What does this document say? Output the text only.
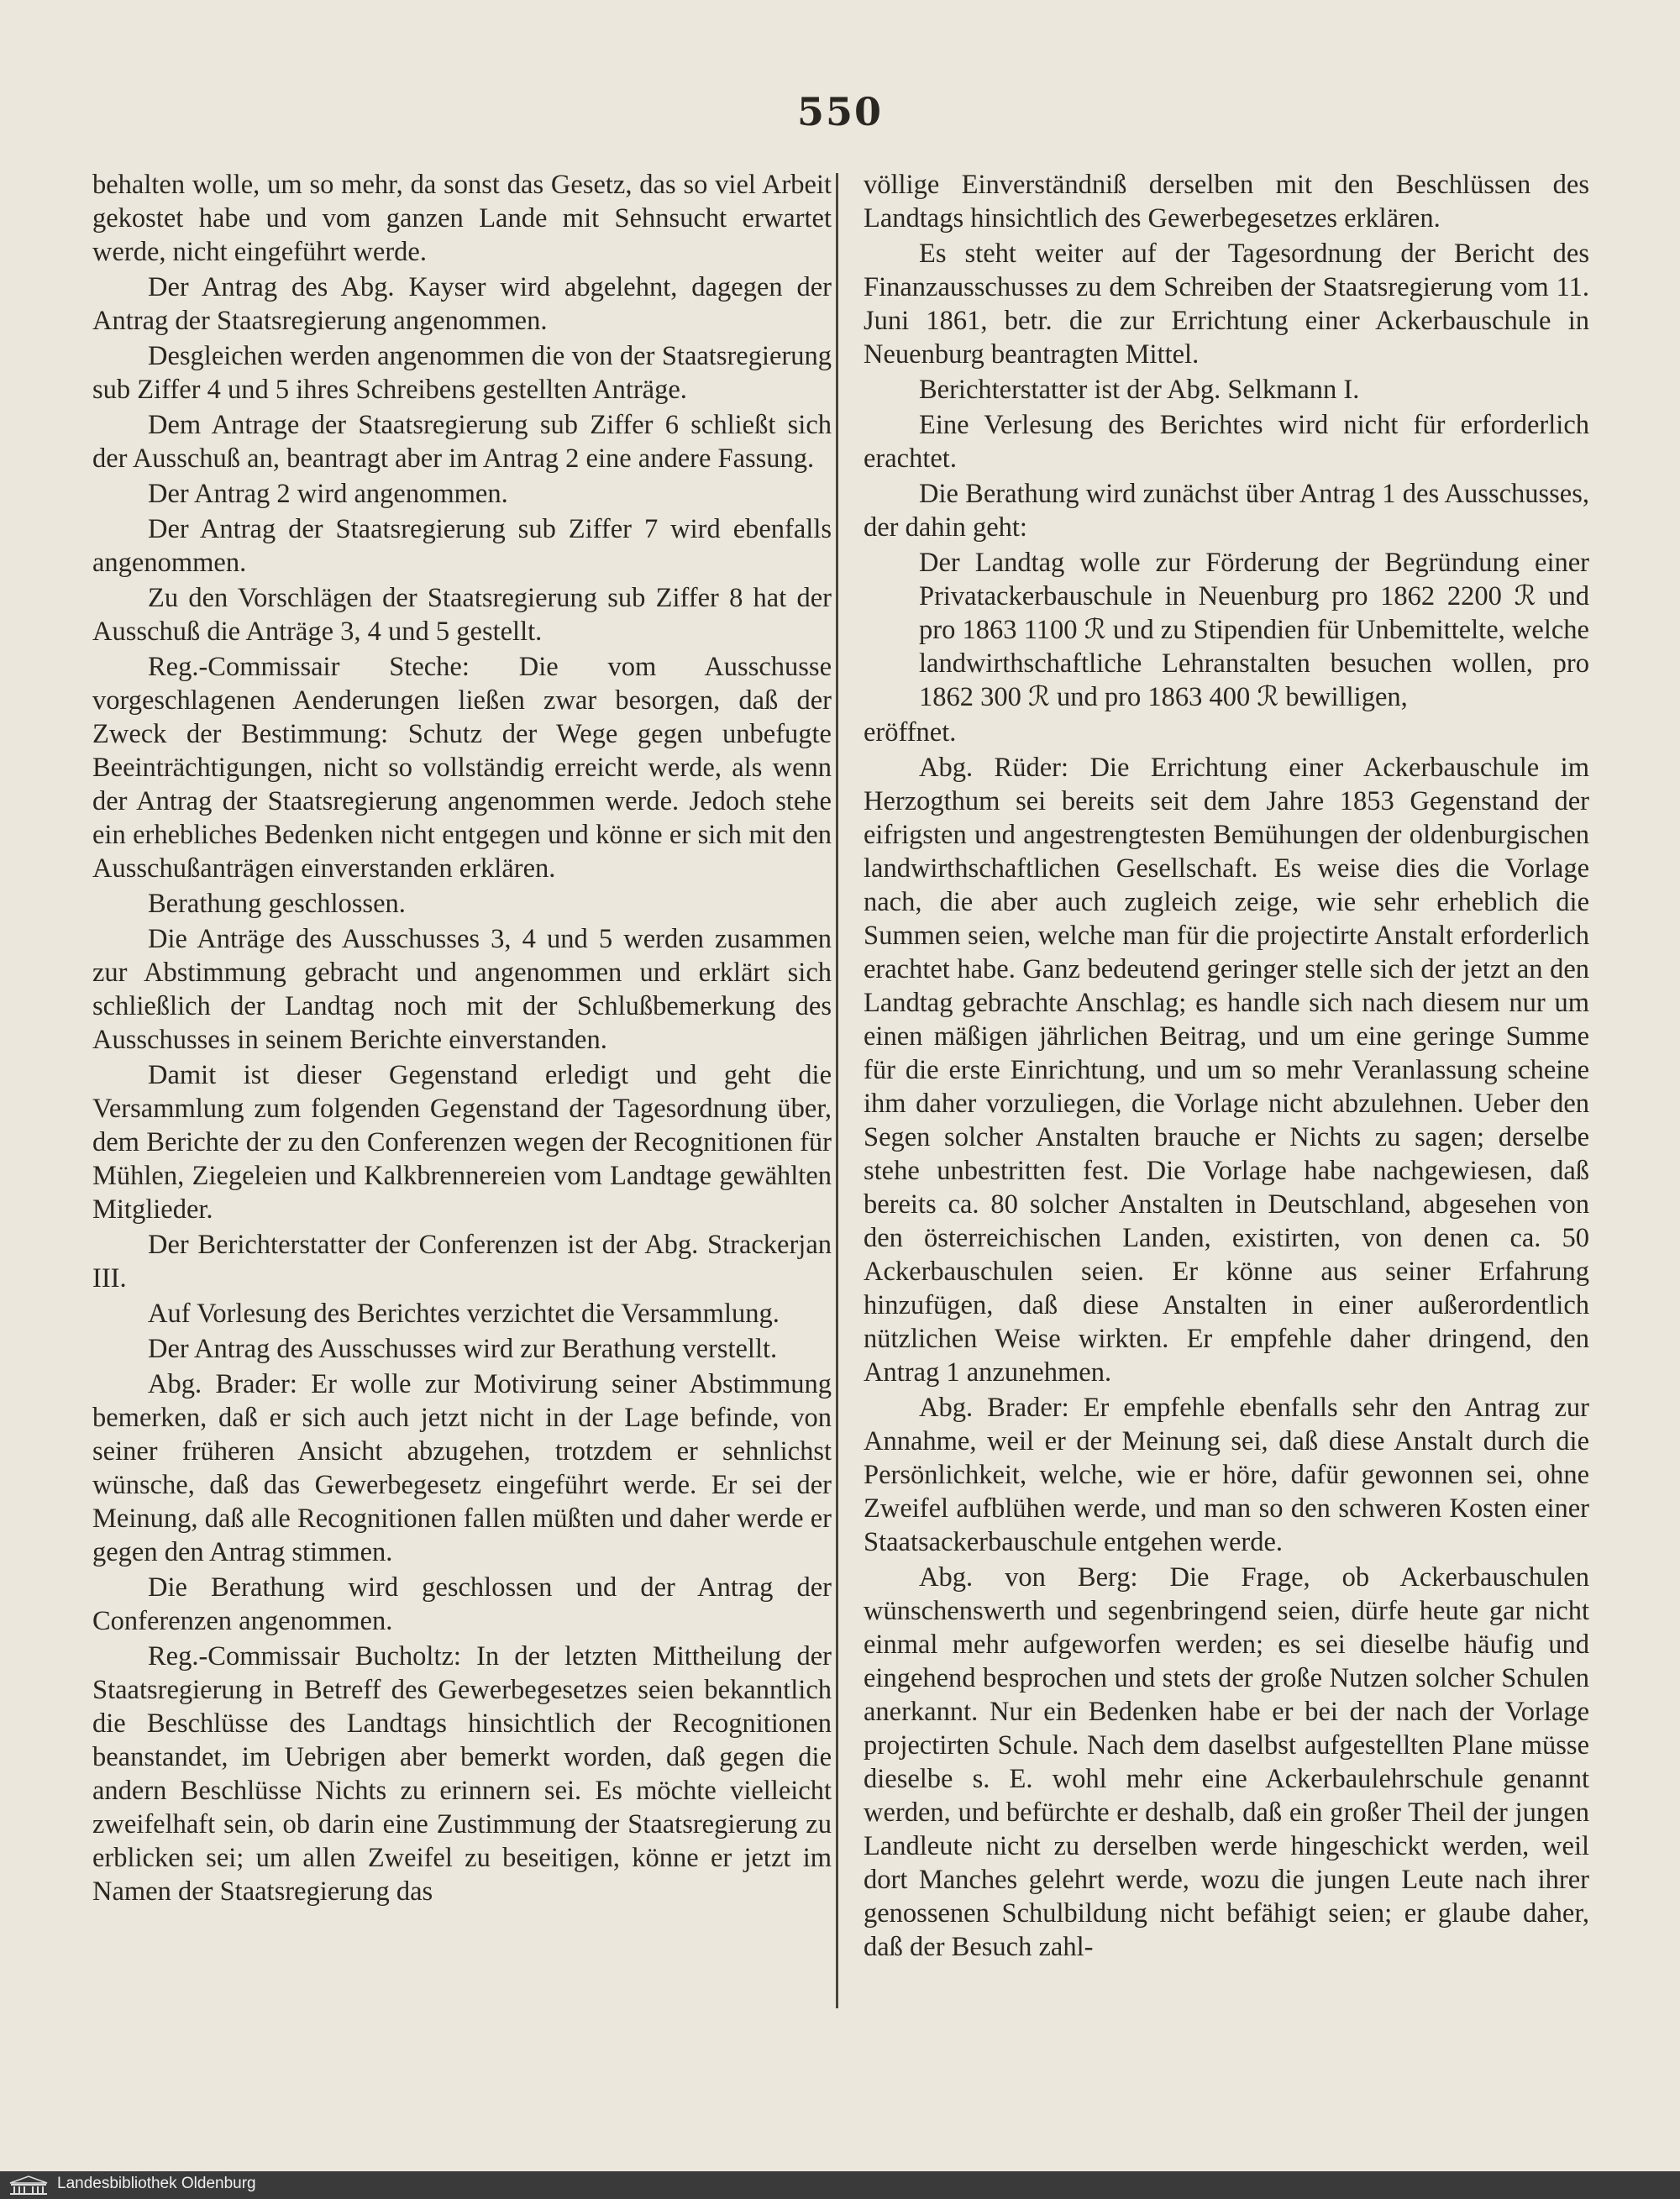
550

behalten wolle, um so mehr, da sonst das Gesetz, das so viel Arbeit gekostet habe und vom ganzen Lande mit Sehnsucht erwartet werde, nicht eingeführt werde.

Der Antrag des Abg. Kayser wird abgelehnt, dagegen der Antrag der Staatsregierung angenommen.

Desgleichen werden angenommen die von der Staatsregierung sub Ziffer 4 und 5 ihres Schreibens gestellten Anträge.

Dem Antrage der Staatsregierung sub Ziffer 6 schließt sich der Ausschuß an, beantragt aber im Antrag 2 eine andere Fassung.

Der Antrag 2 wird angenommen.

Der Antrag der Staatsregierung sub Ziffer 7 wird ebenfalls angenommen.

Zu den Vorschlägen der Staatsregierung sub Ziffer 8 hat der Ausschuß die Anträge 3, 4 und 5 gestellt.

Reg.-Commissair Steche: Die vom Ausschusse vorgeschlagenen Aenderungen ließen zwar besorgen, daß der Zweck der Bestimmung: Schutz der Wege gegen unbefugte Beeinträchtigungen, nicht so vollständig erreicht werde, als wenn der Antrag der Staatsregierung angenommen werde. Jedoch stehe ein erhebliches Bedenken nicht entgegen und könne er sich mit den Ausschußanträgen einverstanden erklären.

Berathung geschlossen.

Die Anträge des Ausschusses 3, 4 und 5 werden zusammen zur Abstimmung gebracht und angenommen und erklärt sich schließlich der Landtag noch mit der Schlußbemerkung des Ausschusses in seinem Berichte einverstanden.

Damit ist dieser Gegenstand erledigt und geht die Versammlung zum folgenden Gegenstand der Tagesordnung über, dem Berichte der zu den Conferenzen wegen der Recognitionen für Mühlen, Ziegeleien und Kalkbrennereien vom Landtage gewählten Mitglieder.

Der Berichterstatter der Conferenzen ist der Abg. Strackerjan III.

Auf Vorlesung des Berichtes verzichtet die Versammlung.

Der Antrag des Ausschusses wird zur Berathung verstellt.

Abg. Brader: Er wolle zur Motivirung seiner Abstimmung bemerken, daß er sich auch jetzt nicht in der Lage befinde, von seiner früheren Ansicht abzugehen, trotzdem er sehnlichst wünsche, daß das Gewerbegesetz eingeführt werde. Er sei der Meinung, daß alle Recognitionen fallen müßten und daher werde er gegen den Antrag stimmen.

Die Berathung wird geschlossen und der Antrag der Conferenzen angenommen.

Reg.-Commissair Bucholtz: In der letzten Mittheilung der Staatsregierung in Betreff des Gewerbegesetzes seien bekanntlich die Beschlüsse des Landtags hinsichtlich der Recognitionen beanstandet, im Uebrigen aber bemerkt worden, daß gegen die andern Beschlüsse Nichts zu erinnern sei. Es möchte vielleicht zweifelhaft sein, ob darin eine Zustimmung der Staatsregierung zu erblicken sei; um allen Zweifel zu beseitigen, könne er jetzt im Namen der Staatsregierung das

völlige Einverständniß derselben mit den Beschlüssen des Landtags hinsichtlich des Gewerbegesetzes erklären.

Es steht weiter auf der Tagesordnung der Bericht des Finanzausschusses zu dem Schreiben der Staatsregierung vom 11. Juni 1861, betr. die zur Errichtung einer Ackerbauschule in Neuenburg beantragten Mittel.

Berichterstatter ist der Abg. Selkmann I.

Eine Verlesung des Berichtes wird nicht für erforderlich erachtet.

Die Berathung wird zunächst über Antrag 1 des Ausschusses, der dahin geht:

Der Landtag wolle zur Förderung der Begründung einer Privatackerbauschule in Neuenburg pro 1862 2200 ℛ und pro 1863 1100 ℛ und zu Stipendien für Unbemittelte, welche landwirthschaftliche Lehranstalten besuchen wollen, pro 1862 300 ℛ und pro 1863 400 ℛ bewilligen,

eröffnet.

Abg. Rüder: Die Errichtung einer Ackerbauschule im Herzogthum sei bereits seit dem Jahre 1853 Gegenstand der eifrigsten und angestrengtesten Bemühungen der oldenburgischen landwirthschaftlichen Gesellschaft. Es weise dies die Vorlage nach, die aber auch zugleich zeige, wie sehr erheblich die Summen seien, welche man für die projectirte Anstalt erforderlich erachtet habe. Ganz bedeutend geringer stelle sich der jetzt an den Landtag gebrachte Anschlag; es handle sich nach diesem nur um einen mäßigen jährlichen Beitrag, und um eine geringe Summe für die erste Einrichtung, und um so mehr Veranlassung scheine ihm daher vorzuliegen, die Vorlage nicht abzulehnen. Ueber den Segen solcher Anstalten brauche er Nichts zu sagen; derselbe stehe unbestritten fest. Die Vorlage habe nachgewiesen, daß bereits ca. 80 solcher Anstalten in Deutschland, abgesehen von den österreichischen Landen, existirten, von denen ca. 50 Ackerbauschulen seien. Er könne aus seiner Erfahrung hinzufügen, daß diese Anstalten in einer außerordentlich nützlichen Weise wirkten. Er empfehle daher dringend, den Antrag 1 anzunehmen.

Abg. Brader: Er empfehle ebenfalls sehr den Antrag zur Annahme, weil er der Meinung sei, daß diese Anstalt durch die Persönlichkeit, welche, wie er höre, dafür gewonnen sei, ohne Zweifel aufblühen werde, und man so den schweren Kosten einer Staatsackerbauschule entgehen werde.

Abg. von Berg: Die Frage, ob Ackerbauschulen wünschenswerth und segenbringend seien, dürfe heute gar nicht einmal mehr aufgeworfen werden; es sei dieselbe häufig und eingehend besprochen und stets der große Nutzen solcher Schulen anerkannt. Nur ein Bedenken habe er bei der nach der Vorlage projectirten Schule. Nach dem daselbst aufgestellten Plane müsse dieselbe s. E. wohl mehr eine Ackerbaulehrschule genannt werden, und befürchte er deshalb, daß ein großer Theil der jungen Landleute nicht zu derselben werde hingeschickt werden, weil dort Manches gelehrt werde, wozu die jungen Leute nach ihrer genossenen Schulbildung nicht befähigt seien; er glaube daher, daß der Besuch zahl-

Landesbibliothek Oldenburg
